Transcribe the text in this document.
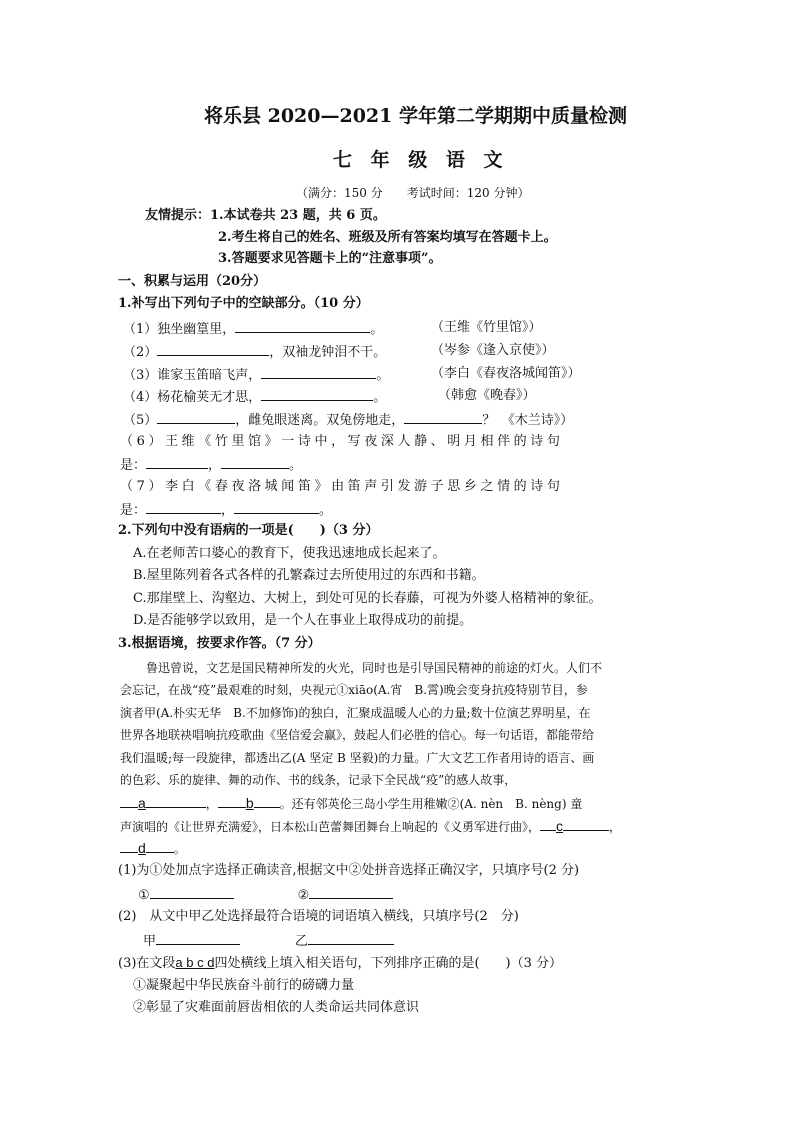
将乐县 2020—2021 学年第二学期期中质量检测
七 年 级 语 文
（满分：150 分　　考试时间：120 分钟）
友情提示：1.本试卷共 23 题，共 6 页。
2.考生将自己的姓名、班级及所有答案均填写在答题卡上。
3.答题要求见答题卡上的“注意事项”。
一、积累与运用（20分）
1.补写出下列句子中的空缺部分。（10 分）
（1）独坐幽篁里，	。	（王维《竹里馆》）
（2）	，双袖龙钟泪不干。	（岑参《逢入京使》）
（3）谁家玉笛暗飞声，	。	（李白《春夜洛城闻笛》）
（4）杨花榆荚无才思，	。	（韩愈《晚春》）
（5）	，雌兔眼迷离。双兔傍地走，	？　《木兰诗》）
（6）王维《竹里馆》一诗中，写夜深人静、明月相伴的诗句
是：	，	。
（7）李白《春夜洛城闻笛》由笛声引发游子思乡之情的诗句
是：	，	。
2.下列句中没有语病的一项是(　　)（3 分）
A.在老师苦口婆心的教育下，使我迅速地成长起来了。
B.屋里陈列着各式各样的孔繁森过去所使用过的东西和书籍。
C.那崖壁上、沟壑边、大树上，到处可见的长春藤，可视为外婆人格精神的象征。
D.是否能够学以致用，是一个人在事业上取得成功的前提。
3.根据语境，按要求作答。（7 分）
鲁迅曾说，文艺是国民精神所发的火光，同时也是引导国民精神的前途的灯火。人们不
会忘记，在战“疫”最艰难的时刻，央视元①xiāo(A.宵　B.霄)晚会变身抗疫特别节目，参
演者甲(A.朴实无华　B.不加修饰)的独白，汇聚成温暖人心的力量;数十位演艺界明星，在
世界各地联袂唱响抗疫歌曲《坚信爱会赢》，鼓起人们必胜的信心。每一句话语，都能带给
我们温暖;每一段旋律，都透出乙(A 坚定 B 坚毅)的力量。广大文艺工作者用诗的语言、画
的色彩、乐的旋律、舞的动作、书的线条，记录下全民战“疫”的感人故事，
a	， b 。还有邻英伦三岛小学生用稚嫩②(A. nèn　B. nèng) 童
声演唱的《让世界充满爱》，日本松山芭蕾舞团舞台上响起的《义勇军进行曲》， c	，
d 。
(1)为①处加点字选择正确读音,根据文中②处拼音选择正确汉字，只填序号(2 分)
①	②
(2)　从文中甲乙处选择最符合语境的词语填入横线，只填序号(2　分)
甲	乙
(3)在文段a b c d四处横线上填入相关语句，下列排序正确的是(　　)（3 分）
①凝聚起中华民族奋斗前行的磅礴力量
②彰显了灾难面前唇齿相依的人类命运共同体意识
